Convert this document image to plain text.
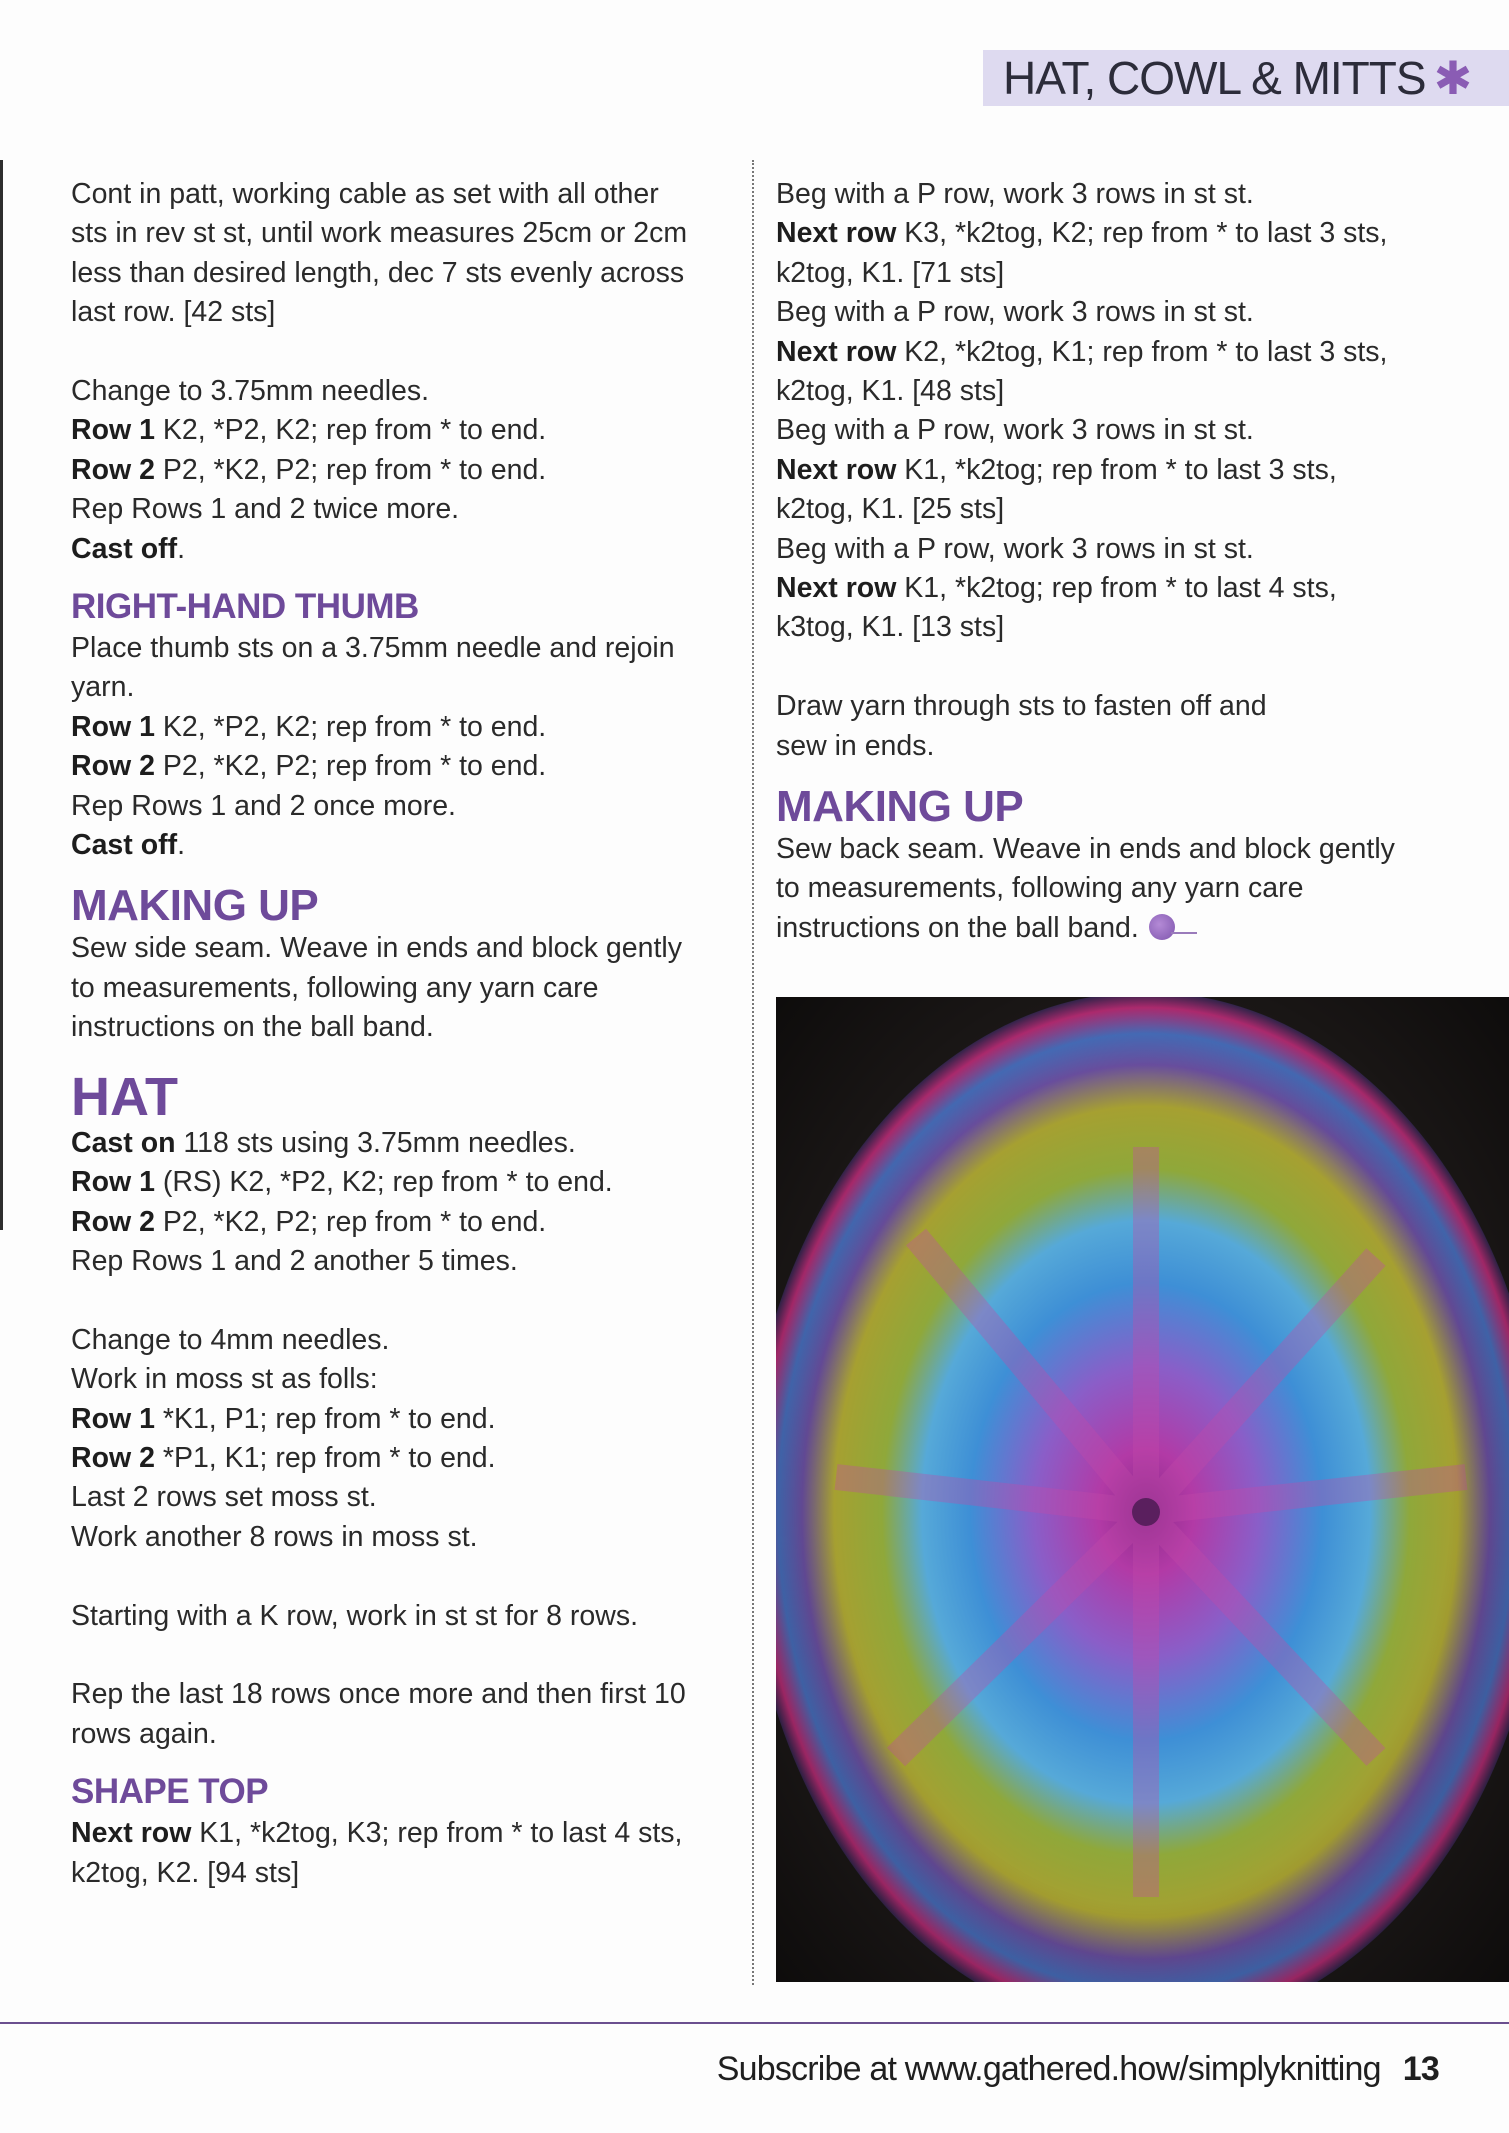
HAT, COWL & MITTS ✱

Cont in patt, working cable as set with all other

sts in rev st st, until work measures 25cm or 2cm

less than desired length, dec 7 sts evenly across

last row. [42 sts]

Change to 3.75mm needles.

Row 1 K2, *P2, K2; rep from * to end.

Row 2 P2, *K2, P2; rep from * to end.

Rep Rows 1 and 2 twice more.

Cast off.

RIGHT-HAND THUMB

Place thumb sts on a 3.75mm needle and rejoin

yarn.

Row 1 K2, *P2, K2; rep from * to end.

Row 2 P2, *K2, P2; rep from * to end.

Rep Rows 1 and 2 once more.

Cast off.

MAKING UP

Sew side seam. Weave in ends and block gently

to measurements, following any yarn care

instructions on the ball band.

HAT

Cast on 118 sts using 3.75mm needles.

Row 1 (RS) K2, *P2, K2; rep from * to end.

Row 2 P2, *K2, P2; rep from * to end.

Rep Rows 1 and 2 another 5 times.

Change to 4mm needles.

Work in moss st as folls:

Row 1 *K1, P1; rep from * to end.

Row 2 *P1, K1; rep from * to end.

Last 2 rows set moss st.

Work another 8 rows in moss st.

Starting with a K row, work in st st for 8 rows.

Rep the last 18 rows once more and then first 10

rows again.

SHAPE TOP

Next row K1, *k2tog, K3; rep from * to last 4 sts,

k2tog, K2. [94 sts]

Beg with a P row, work 3 rows in st st.

Next row K3, *k2tog, K2; rep from * to last 3 sts,

k2tog, K1. [71 sts]

Beg with a P row, work 3 rows in st st.

Next row K2, *k2tog, K1; rep from * to last 3 sts,

k2tog, K1. [48 sts]

Beg with a P row, work 3 rows in st st.

Next row K1, *k2tog; rep from * to last 3 sts,

k2tog, K1. [25 sts]

Beg with a P row, work 3 rows in st st.

Next row K1, *k2tog; rep from * to last 4 sts,

k3tog, K1. [13 sts]

Draw yarn through sts to fasten off and

sew in ends.

MAKING UP

Sew back seam. Weave in ends and block gently

to measurements, following any yarn care

instructions on the ball band.

Subscribe at www.gathered.how/simplyknitting 13
